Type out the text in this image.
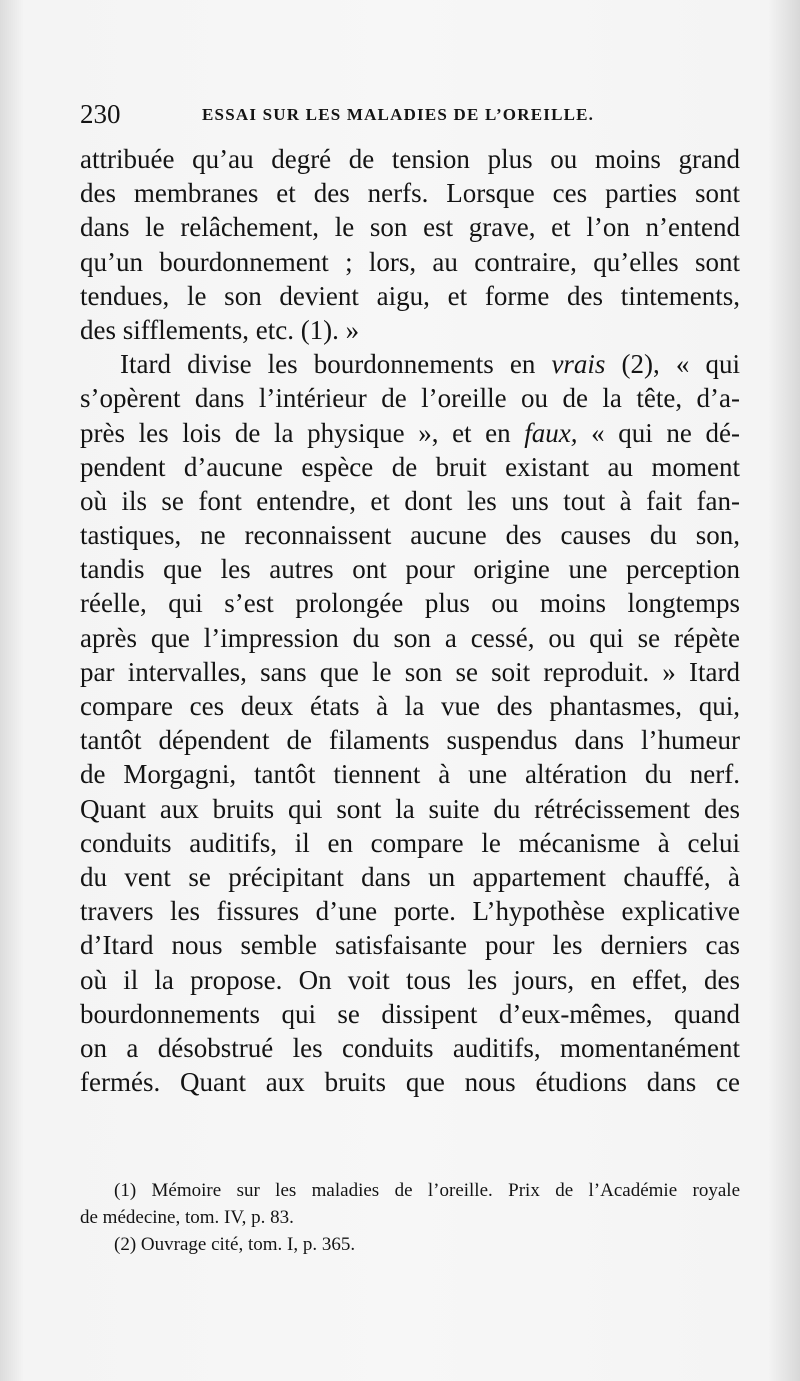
230	ESSAI SUR LES MALADIES DE L’OREILLE.
attribuée qu’au degré de tension plus ou moins grand
des membranes et des nerfs. Lorsque ces parties sont
dans le relâchement, le son est grave, et l’on n’entend
qu’un bourdonnement ; lors, au contraire, qu’elles sont
tendues, le son devient aigu, et forme des tintements,
des sifflements, etc. (1). »
Itard divise les bourdonnements en vrais (2), « qui
s’opèrent dans l’intérieur de l’oreille ou de la tête, d’a-
près les lois de la physique », et en faux, « qui ne dé-
pendent d’aucune espèce de bruit existant au moment
où ils se font entendre, et dont les uns tout à fait fan-
tastiques, ne reconnaissent aucune des causes du son,
tandis que les autres ont pour origine une perception
réelle, qui s’est prolongée plus ou moins longtemps
après que l’impression du son a cessé, ou qui se répète
par intervalles, sans que le son se soit reproduit. » Itard
compare ces deux états à la vue des phantasmes, qui,
tantôt dépendent de filaments suspendus dans l’humeur
de Morgagni, tantôt tiennent à une altération du nerf.
Quant aux bruits qui sont la suite du rétrécissement des
conduits auditifs, il en compare le mécanisme à celui
du vent se précipitant dans un appartement chauffé, à
travers les fissures d’une porte. L’hypothèse explicative
d’Itard nous semble satisfaisante pour les derniers cas
où il la propose. On voit tous les jours, en effet, des
bourdonnements qui se dissipent d’eux-mêmes, quand
on a désobstrué les conduits auditifs, momentanément
fermés. Quant aux bruits que nous étudions dans ce
(1) Mémoire sur les maladies de l’oreille. Prix de l’Académie royale
de médecine, tom. IV, p. 83.
(2) Ouvrage cité, tom. I, p. 365.
